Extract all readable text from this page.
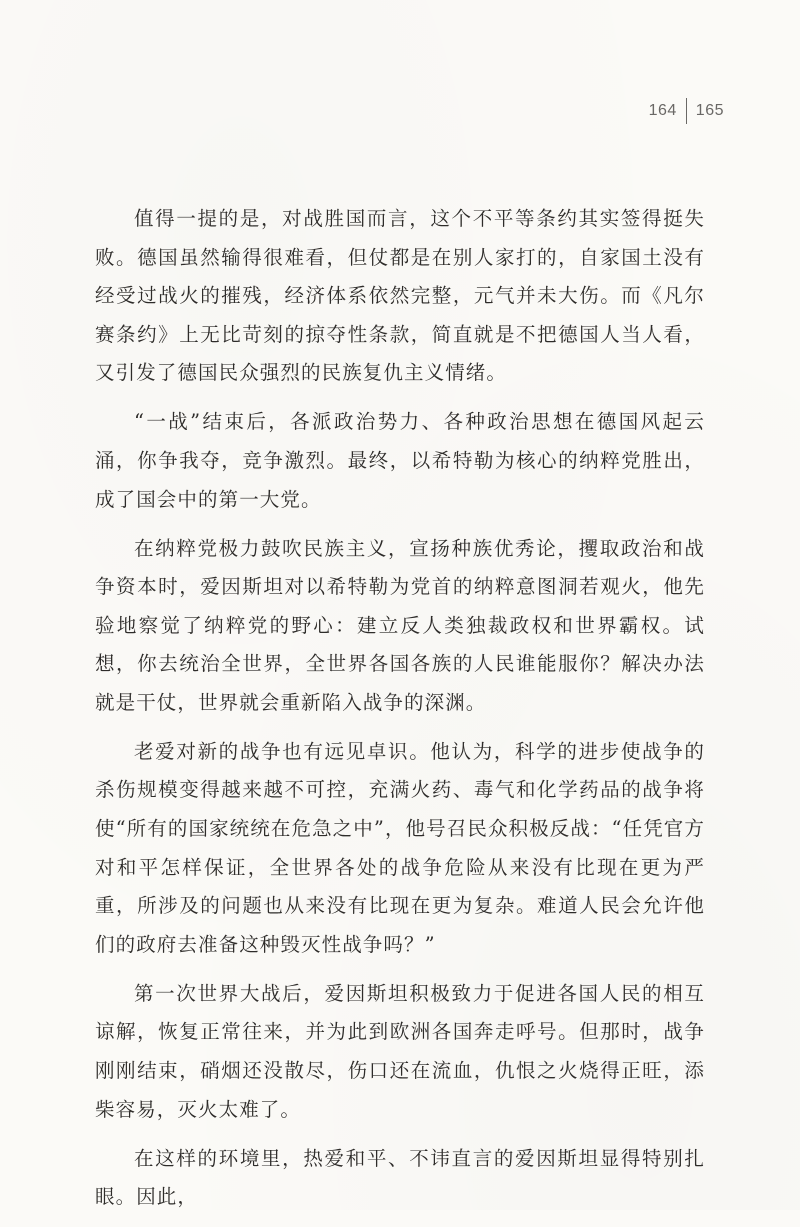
164 165

值得一提的是，对战胜国而言，这个不平等条约其实签得挺失败。德国虽然输得很难看，但仗都是在别人家打的，自家国土没有经受过战火的摧残，经济体系依然完整，元气并未大伤。而《凡尔赛条约》上无比苛刻的掠夺性条款，简直就是不把德国人当人看，又引发了德国民众强烈的民族复仇主义情绪。

“一战”结束后，各派政治势力、各种政治思想在德国风起云涌，你争我夺，竞争激烈。最终，以希特勒为核心的纳粹党胜出，成了国会中的第一大党。

在纳粹党极力鼓吹民族主义，宣扬种族优秀论，攫取政治和战争资本时，爱因斯坦对以希特勒为党首的纳粹意图洞若观火，他先验地察觉了纳粹党的野心：建立反人类独裁政权和世界霸权。试想，你去统治全世界，全世界各国各族的人民谁能服你？解决办法就是干仗，世界就会重新陷入战争的深渊。

老爱对新的战争也有远见卓识。他认为，科学的进步使战争的杀伤规模变得越来越不可控，充满火药、毒气和化学药品的战争将使“所有的国家统统在危急之中”，他号召民众积极反战：“任凭官方对和平怎样保证，全世界各处的战争危险从来没有比现在更为严重，所涉及的问题也从来没有比现在更为复杂。难道人民会允许他们的政府去准备这种毁灭性战争吗？”

第一次世界大战后，爱因斯坦积极致力于促进各国人民的相互谅解，恢复正常往来，并为此到欧洲各国奔走呼号。但那时，战争刚刚结束，硝烟还没散尽，伤口还在流血，仇恨之火烧得正旺，添柴容易，灭火太难了。

在这样的环境里，热爱和平、不讳直言的爱因斯坦显得特别扎眼。因此，
